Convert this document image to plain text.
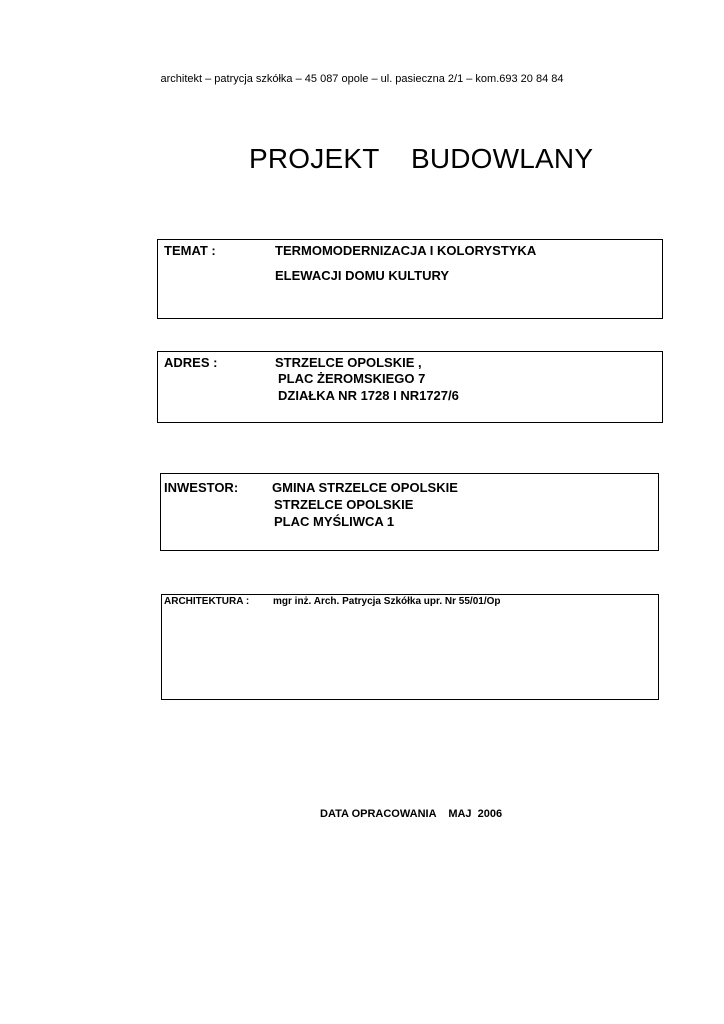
architekt – patrycja szkółka – 45 087 opole – ul. pasieczna 2/1 – kom.693 20 84 84
PROJEKT    BUDOWLANY
TEMAT :	TERMOMODERNIZACJA I KOLORYSTYKA
ELEWACJI DOMU KULTURY
ADRES :	STRZELCE OPOLSKIE ,
PLAC ŻEROMSKIEGO 7
DZIAŁKA NR 1728 I NR1727/6
INWESTOR:	GMINA STRZELCE OPOLSKIE
STRZELCE OPOLSKIE
PLAC MYŚLIWCA 1
ARCHITEKTURA : mgr inż. Arch. Patrycja Szkółka upr. Nr 55/01/Op
DATA OPRACOWANIA    MAJ  2006
